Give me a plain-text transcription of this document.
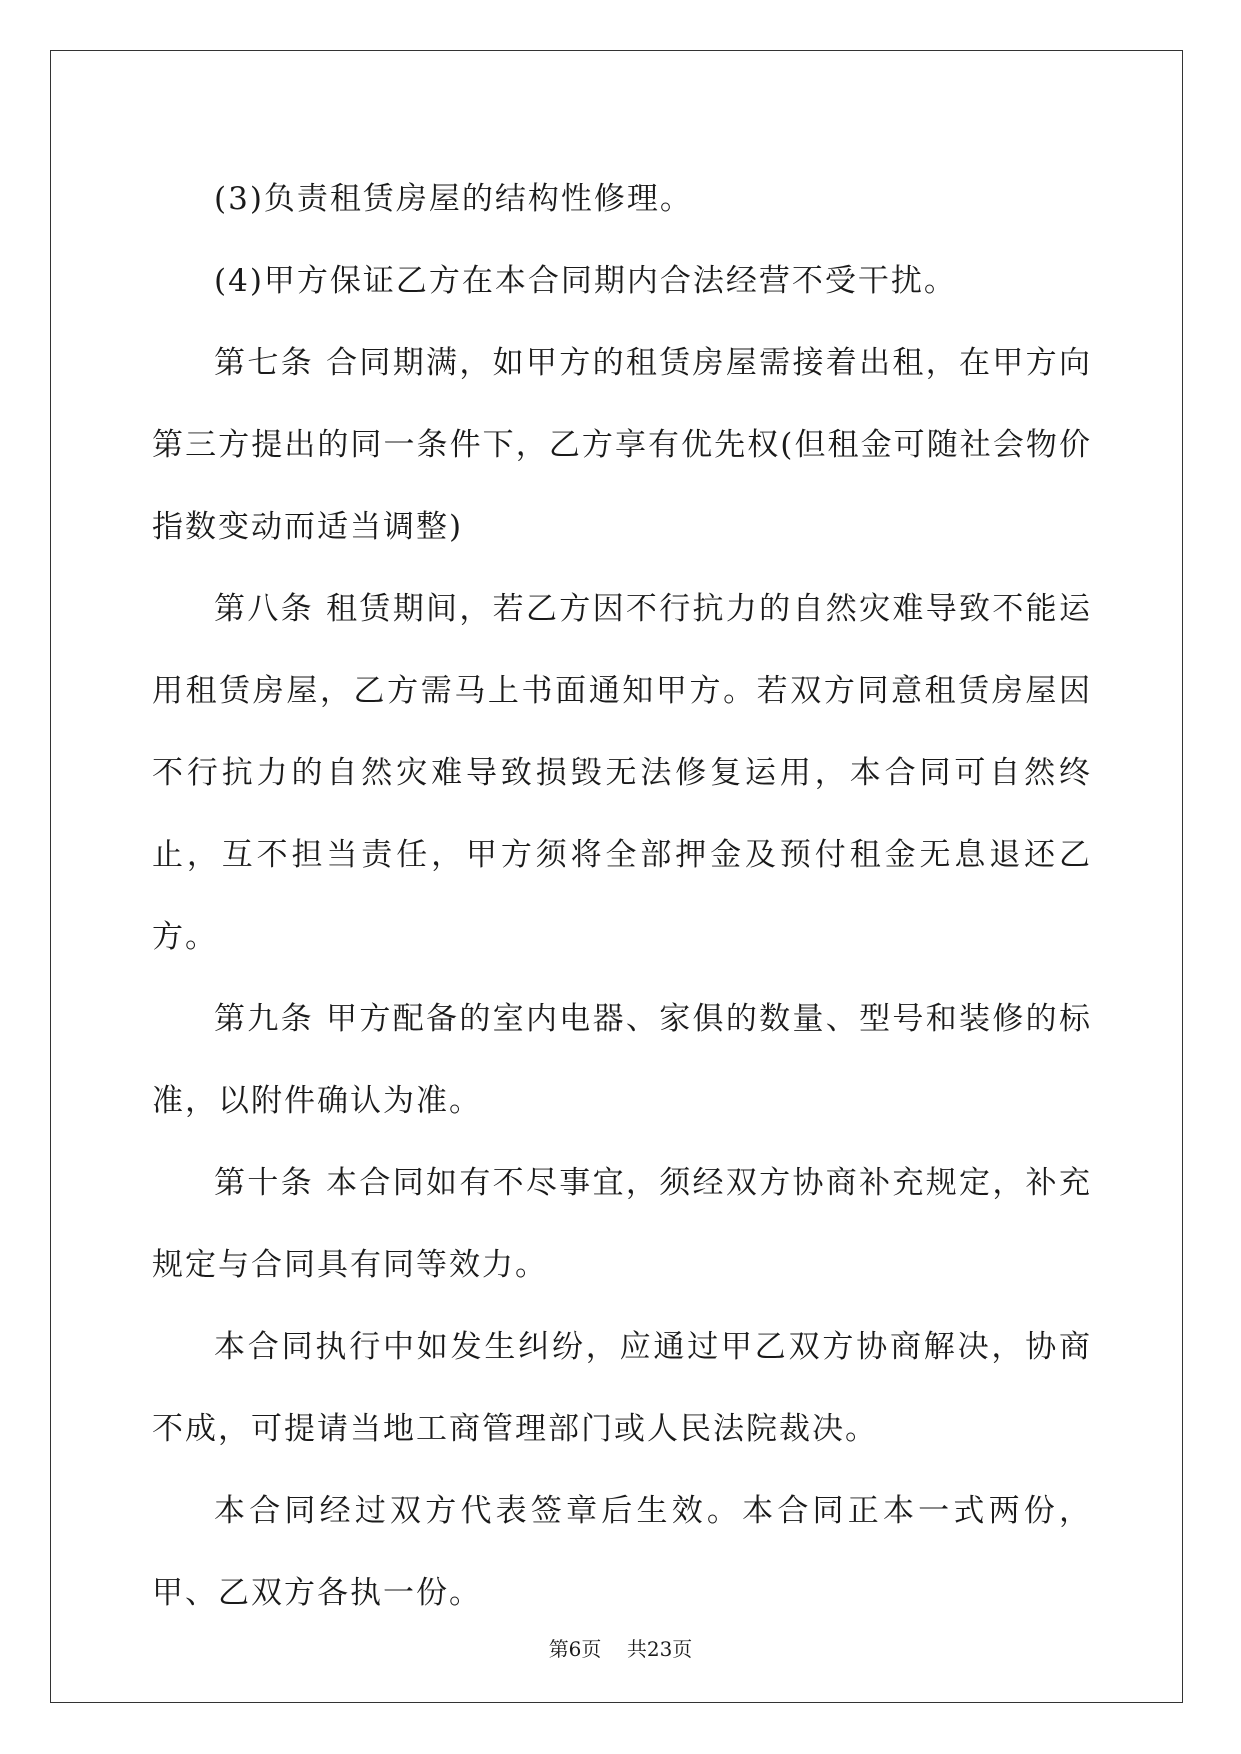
(3)负责租赁房屋的结构性修理。

(4)甲方保证乙方在本合同期内合法经营不受干扰。

第七条 合同期满，如甲方的租赁房屋需接着出租，在甲方向第三方提出的同一条件下，乙方享有优先权(但租金可随社会物价指数变动而适当调整)

第八条 租赁期间，若乙方因不行抗力的自然灾难导致不能运用租赁房屋，乙方需马上书面通知甲方。若双方同意租赁房屋因不行抗力的自然灾难导致损毁无法修复运用，本合同可自然终止，互不担当责任，甲方须将全部押金及预付租金无息退还乙方。

第九条 甲方配备的室内电器、家俱的数量、型号和装修的标准，以附件确认为准。

第十条 本合同如有不尽事宜，须经双方协商补充规定，补充规定与合同具有同等效力。

本合同执行中如发生纠纷，应通过甲乙双方协商解决，协商不成，可提请当地工商管理部门或人民法院裁决。

本合同经过双方代表签章后生效。本合同正本一式两份，甲、乙双方各执一份。

第6页 共23页
